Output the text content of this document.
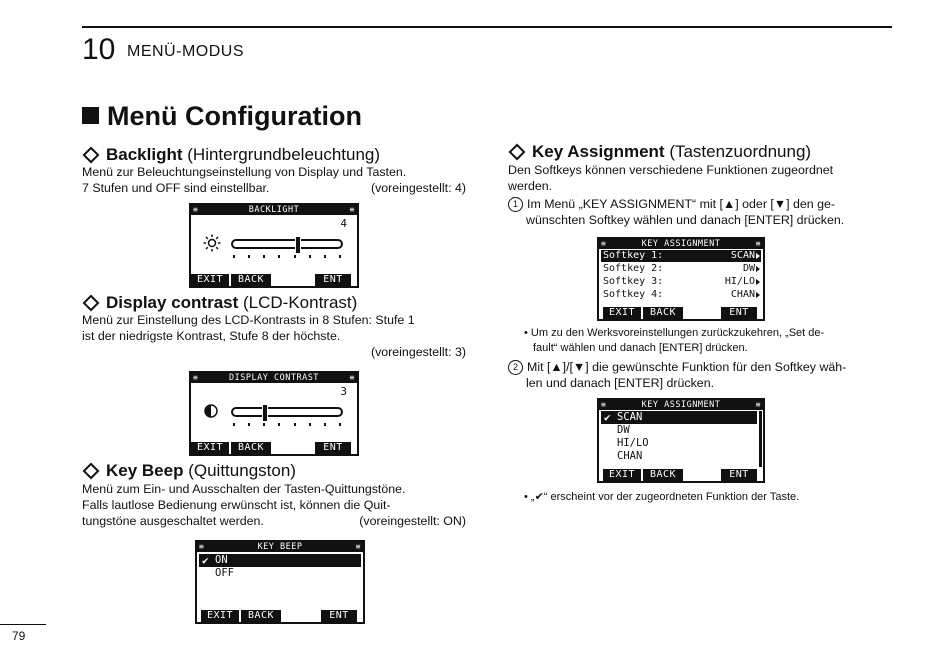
10 MENÜ-MODUS
Menü Configuration
Backlight (Hintergrundbeleuchtung)
Menü zur Beleuchtungseinstellung von Display und Tasten.
7 Stufen und OFF sind einstellbar.	(voreingestellt: 4)
≡	BACKLIGHT	≡
4
EXIT	BACK	ENT
Display contrast (LCD-Kontrast)
Menü zur Einstellung des LCD-Kontrasts in 8 Stufen: Stufe 1
ist der niedrigste Kontrast, Stufe 8 der höchste.
(voreingestellt: 3)
≡	DISPLAY CONTRAST	≡
3
EXIT	BACK	ENT
Key Beep (Quittungston)
Menü zum Ein- und Ausschalten der Tasten-Quittungstöne.
Falls lautlose Bedienung erwünscht ist, können die Quit-
tungstöne ausgeschaltet werden.	(voreingestellt: ON)
≡	KEY BEEP	≡
✔ ON
OFF
EXIT	BACK	ENT
Key Assignment (Tastenzuordnung)
Den Softkeys können verschiedene Funktionen zugeordnet
werden.
1 Im Menü „KEY ASSIGNMENT“ mit [▲] oder [▼] den ge-
wünschten Softkey wählen und danach [ENTER] drücken.
≡	KEY ASSIGNMENT	≡
Softkey 1:	SCAN
Softkey 2:	DW
Softkey 3:	HI/LO
Softkey 4:	CHAN
EXIT	BACK	ENT
• Um zu den Werksvoreinstellungen zurückzukehren, „Set de-
fault“ wählen und danach [ENTER] drücken.
2 Mit [▲]/[▼] die gewünschte Funktion für den Softkey wäh-
len und danach [ENTER] drücken.
≡	KEY ASSIGNMENT	≡
✔ SCAN
DW
HI/LO
CHAN
EXIT	BACK	ENT
• „✔“ erscheint vor der zugeordneten Funktion der Taste.
79
